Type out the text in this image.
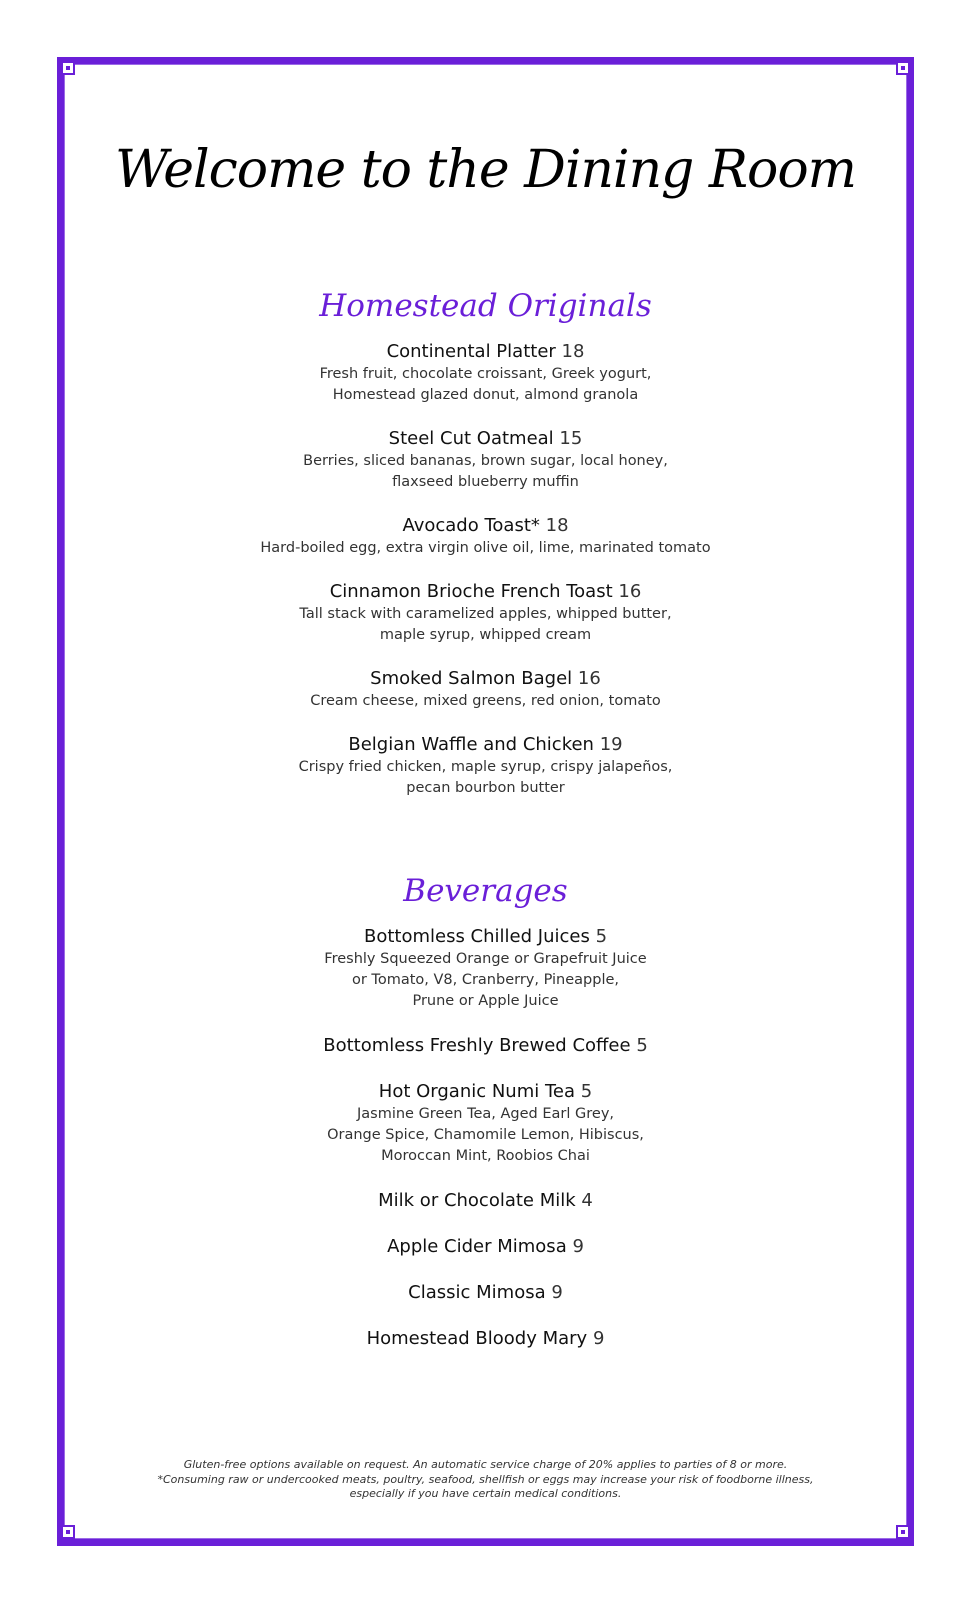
Welcome to the Dining Room
Homestead Originals
Continental Platter 18
Fresh fruit, chocolate croissant, Greek yogurt,
Homestead glazed donut, almond granola
Steel Cut Oatmeal 15
Berries, sliced bananas, brown sugar, local honey,
flaxseed blueberry muffin
Avocado Toast* 18
Hard-boiled egg, extra virgin olive oil, lime, marinated tomato
Cinnamon Brioche French Toast 16
Tall stack with caramelized apples, whipped butter,
maple syrup, whipped cream
Smoked Salmon Bagel 16
Cream cheese, mixed greens, red onion, tomato
Belgian Waffle and Chicken 19
Crispy fried chicken, maple syrup, crispy jalapeños,
pecan bourbon butter
Beverages
Bottomless Chilled Juices 5
Freshly Squeezed Orange or Grapefruit Juice
or Tomato, V8, Cranberry, Pineapple,
Prune or Apple Juice
Bottomless Freshly Brewed Coffee 5
Hot Organic Numi Tea 5
Jasmine Green Tea, Aged Earl Grey,
Orange Spice, Chamomile Lemon, Hibiscus,
Moroccan Mint, Roobios Chai
Milk or Chocolate Milk 4
Apple Cider Mimosa 9
Classic Mimosa 9
Homestead Bloody Mary 9
Gluten-free options available on request. An automatic service charge of 20% applies to parties of 8 or more.
*Consuming raw or undercooked meats, poultry, seafood, shellfish or eggs may increase your risk of foodborne illness,
especially if you have certain medical conditions.
